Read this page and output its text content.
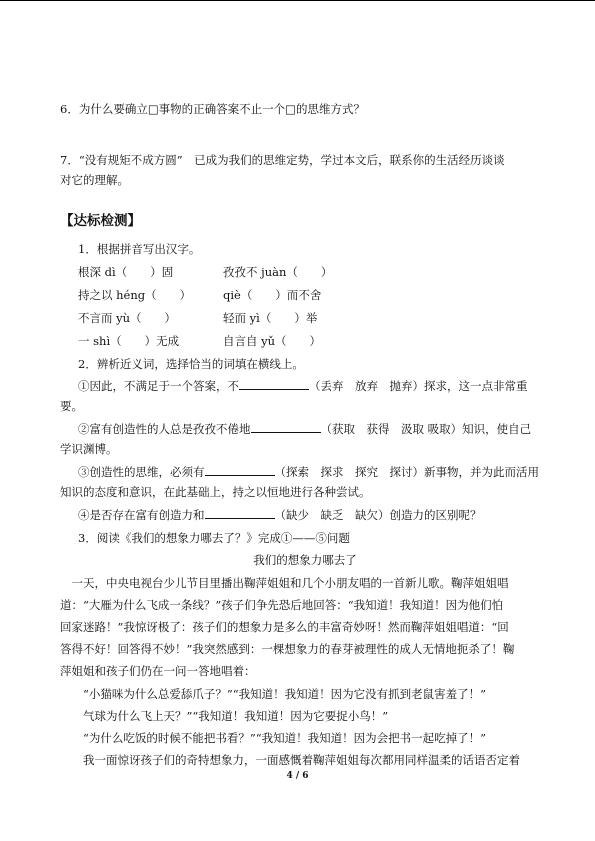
6．为什么要确立□事物的正确答案不止一个□的思维方式？
7．“没有规矩不成方圆”　已成为我们的思维定势，学过本文后，联系你的生活经历谈谈
对它的理解。
【达标检测】
1．根据拼音写出汉字。
根深 dì（　　）固	孜孜不 juàn（　　）
持之以 héng（　　）	qiè（　　）而不舍
不言而 yù（　　）	轻而 yì（　　）举
一 shì（　　）无成	自言自 yǔ（　　）
2．辨析近义词，选择恰当的词填在横线上。
①因此，不满足于一个答案，不	（丢弃　放弃　抛弃）探求，这一点非常重
要。
②富有创造性的人总是孜孜不倦地	（获取　获得　汲取 吸取）知识，使自己
学识渊博。
③创造性的思维，必须有	（探索　探求　探究　探讨）新事物，并为此而活用
知识的态度和意识，在此基础上，持之以恒地进行各种尝试。
④是否存在富有创造力和	（缺少　缺乏　缺欠）创造力的区别呢？
3．阅读《我们的想象力哪去了？》完成①——⑤问题
我们的想象力哪去了
　一天，中央电视台少儿节目里播出鞠萍姐姐和几个小朋友唱的一首新儿歌。鞠萍姐姐唱
道：“大雁为什么飞成一条线？”孩子们争先恐后地回答：“我知道！我知道！因为他们怕
回家迷路！”我惊讶极了：孩子们的想象力是多么的丰富奇妙呀！然而鞠萍姐姐唱道：“回
答得不好！回答得不妙！”我突然感到：一棵想象力的春芽被理性的成人无情地扼杀了！鞠
萍姐姐和孩子们仍在一问一答地唱着：
　　“小猫咪为什么总爱舔爪子？”“我知道！我知道！因为它没有抓到老鼠害羞了！”
　　气球为什么飞上天？”“我知道！我知道！因为它要捉小鸟！”
　　“为什么吃饭的时候不能把书看？”“我知道！我知道！因为会把书一起吃掉了！”
　　我一面惊讶孩子们的奇特想象力，一面感慨着鞠萍姐姐每次都用同样温柔的话语否定着
4 / 6
